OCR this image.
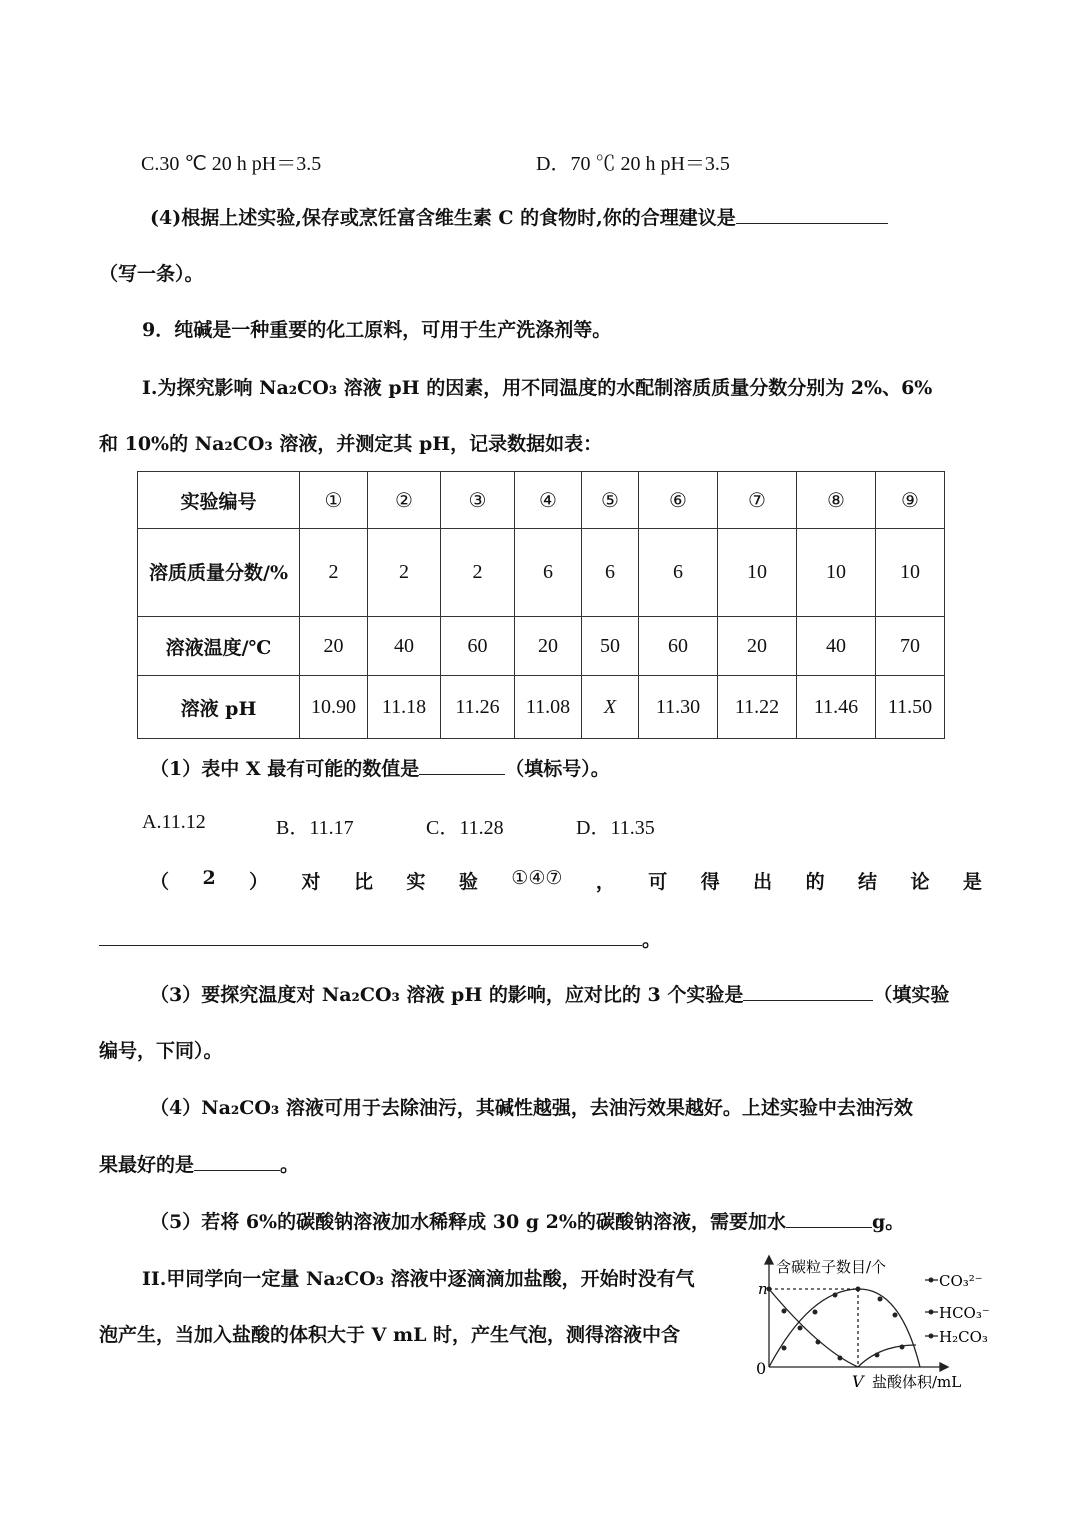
C.30 ℃ 20 h pH＝3.5	D．70 ℃ 20 h pH＝3.5
(4)根据上述实验,保存或烹饪富含维生素 C 的食物时,你的合理建议是
（写一条）。
9．纯碱是一种重要的化工原料，可用于生产洗涤剂等。
I.为探究影响 Na₂CO₃ 溶液 pH 的因素，用不同温度的水配制溶质质量分数分别为 2%、6%
和 10%的 Na₂CO₃ 溶液，并测定其 pH，记录数据如表：
实验编号	①	②	③	④	⑤	⑥	⑦	⑧	⑨
溶质质量分数/%	2	2	2	6	6	6	10	10	10
溶液温度/℃	20	40	60	20	50	60	20	40	70
溶液 pH	10.90	11.18	11.26	11.08	X	11.30	11.22	11.46	11.50
（1）表中 X 最有可能的数值是	（填标号）。
A.11.12	B．11.17	C．11.28	D．11.35
（ 2 ） 对 比 实 验 ①④⑦ ， 可 得 出 的 结 论 是
。
（3）要探究温度对 Na₂CO₃ 溶液 pH 的影响，应对比的 3 个实验是	（填实验
编号，下同）。
（4）Na₂CO₃ 溶液可用于去除油污，其碱性越强，去油污效果越好。上述实验中去油污效
果最好的是	。
（5）若将 6%的碳酸钠溶液加水稀释成 30 g 2%的碳酸钠溶液，需要加水	g。
II.甲同学向一定量 Na₂CO₃ 溶液中逐滴滴加盐酸，开始时没有气
泡产生，当加入盐酸的体积大于 V mL 时，产生气泡，测得溶液中含
含碳粒子数目/个
n
0
V 盐酸体积/mL
CO₃²⁻
HCO₃⁻
H₂CO₃
